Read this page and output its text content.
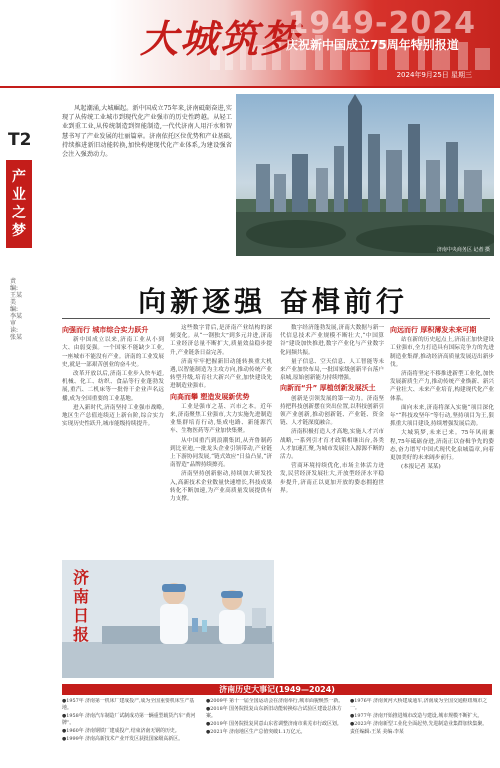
大城筑梦
1949-2024
庆祝新中国成立75周年特别报道
2024年9月25日 星期三
T2
产业之梦
责编:王某 美编:李某 审读:张某
风起潮涌,大城崛起。新中国成立75年来,济南砥砺奋进,实现了从传统工业城市到现代化产业强市的历史性跨越。从轻工业到重工业,从传统制造到智能制造,一代代济南人用汗水和智慧书写了产业发展的壮丽篇章。济南依托区位优势和产业基础,持续推进新旧动能转换,加快构建现代化产业体系,为建设强省会注入强劲动力。
济南中央商务区 记者 摄
向新逐强 奋楫前行
向强而行 城市综合实力跃升

新中国成立以来,济南工业从小到大、由弱变强。一个国家不能缺少工业,一座城市不能没有产业。济南的工业发展史,就是一部艰苦创业的奋斗史。

改革开放以后,济南工业步入快车道,机械、化工、纺织、食品等行业蓬勃发展,重汽、二机床等一批骨干企业声名远播,成为全国重要的工业基地。

进入新时代,济南坚持工业强市战略,地区生产总值连续迈上新台阶,综合实力实现历史性跃升,城市能级持续提升。

这些数字背后,是济南产业结构的深刻变化。从“一钢独大”到多元并进,济南工业经济总量不断扩大,质量效益稳步提升,产业链条日益完善。

济南牢牢把握新旧动能转换重大机遇,以智能制造为主攻方向,推动传统产业转型升级,培育壮大新兴产业,加快建设先进制造业强市。

向高而攀 塑造发展新优势

工业是强市之基、兴市之本。近年来,济南聚焦工业强市,大力实施先进制造业集群培育行动,集成电路、新能源汽车、生物医药等产业加快集聚。

从中国重汽到浪潮集团,从齐鲁制药到比亚迪,一批龙头企业引领带动,产业链上下游协同发展,“链式效应”日益凸显,“济南智造”品牌持续擦亮。

济南坚持创新驱动,持续加大研发投入,高新技术企业数量快速增长,科技成果转化不断加速,为产业高质量发展提供有力支撑。

数字经济蓬勃发展,济南大数据与新一代信息技术产业规模不断壮大,“中国算谷”建设加快推进,数字产业化与产业数字化同频共振。

量子信息、空天信息、人工智能等未来产业加快布局,一批国家级创新平台落户泉城,原始创新能力持续增强。

向新而“升” 厚植创新发展沃土

创新是引领发展的第一动力。济南坚持把科技创新摆在突出位置,以科技创新引领产业创新,推动创新链、产业链、资金链、人才链深度融合。

济南积极打造人才高地,实施人才兴市战略,一系列引才育才政策相继出台,各类人才加速汇聚,为城市发展注入源源不断的活力。

营商环境持续优化,市场主体活力迸发,民营经济发展壮大,开放型经济水平稳步提升,济南正以更加开放的姿态拥抱世界。

向远而行 厚积薄发未来可期

站在新的历史起点上,济南正加快建设工业强市,全力打造具有国际竞争力的先进制造业集群,推动经济高质量发展迈出新步伐。

济南将坚定不移推进新型工业化,加快发展新质生产力,推动传统产业焕新、新兴产业壮大、未来产业培育,构建现代化产业体系。

面向未来,济南将深入实施“项目深化年”“科技攻坚年”等行动,坚持项目为王,狠抓重大项目建设,持续增强发展后劲。

大城筑梦,未来已来。75年风雨兼程,75年砥砺奋进,济南正以奋楫争先的姿态,奋力谱写中国式现代化泉城篇章,向着更加美好的未来阔步前行。

(本报记者 某某)

济南日报
济南历史大事记(1949—2024)

●1957年 济南第一机床厂建成投产,成为全国重要机床生产基地。

●1958年 济南汽车制造厂试制成功第一辆重型载货汽车“黄河牌”。

●1960年 济南钢铁厂建成投产,结束济南无钢的历史。

●1999年 济南高新技术产业开发区获批国家级高新区。

●2009年 第十一届全国运动会在济南举行,城市面貌焕然一新。

●2018年 国务院批复山东新旧动能转换综合试验区建设总体方案。

●2019年 国务院批复同意山东省调整济南市莱芜市行政区划。

●2021年 济南地区生产总值突破1.1万亿元。

●1976年 济南黄河大桥建成通车,济南成为全国交通枢纽城市之一。

●1977年 济南开始推进城市改造与建设,城市规模不断扩大。

●2023年 济南新型工业化全面起势,先进制造业集群加快集聚。

责任编辑:王某 美编:李某
